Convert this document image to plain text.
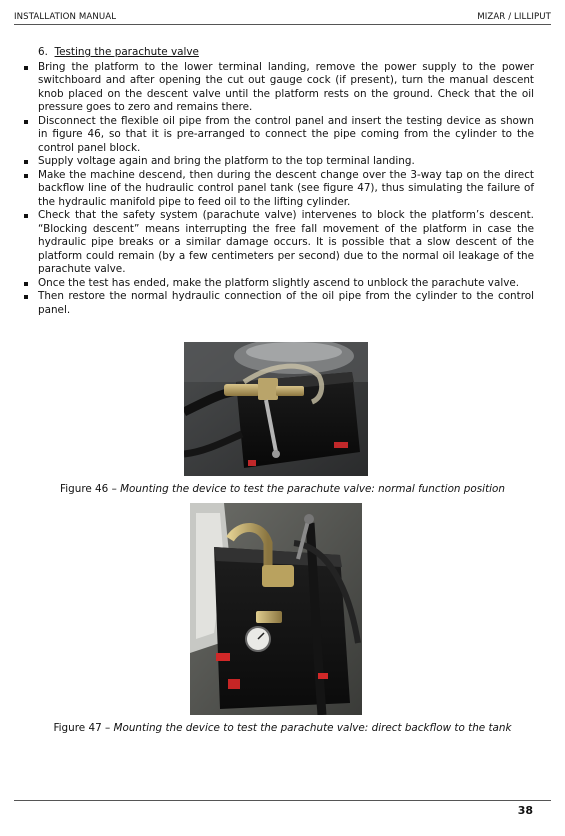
INSTALLATION MANUAL	MIZAR / LILLIPUT
6. Testing the parachute valve
Bring the platform to the lower terminal landing, remove the power supply to the power switchboard and after opening the cut out gauge cock (if present), turn the manual descent knob placed on the descent valve until the platform rests on the ground. Check that the oil pressure goes to zero and remains there.
Disconnect the flexible oil pipe from the control panel and insert the testing device as shown in figure 46, so that it is pre-arranged to connect the pipe coming from the cylinder to the control panel block.
Supply voltage again and bring the platform to the top terminal landing.
Make the machine descend, then during the descent change over the 3-way tap on the direct backflow line of the hudraulic control panel tank (see figure 47), thus simulating the failure of the hydraulic manifold pipe to feed oil to the lifting cylinder.
Check that the safety system (parachute valve) intervenes to block the platform’s descent. “Blocking descent” means interrupting the free fall movement of the platform in case the hydraulic pipe breaks or a similar damage occurs. It is possible that a slow descent of the platform could remain (by a few centimeters per second) due to the normal oil leakage of the parachute valve.
Once the test has ended, make the platform slightly ascend to unblock the parachute valve.
Then restore the normal hydraulic connection of the oil pipe from the cylinder to the control panel.
Figure 46 – Mounting the device to test the parachute valve: normal function position
Figure 47 – Mounting the device to test the parachute valve: direct backflow to the tank
38
